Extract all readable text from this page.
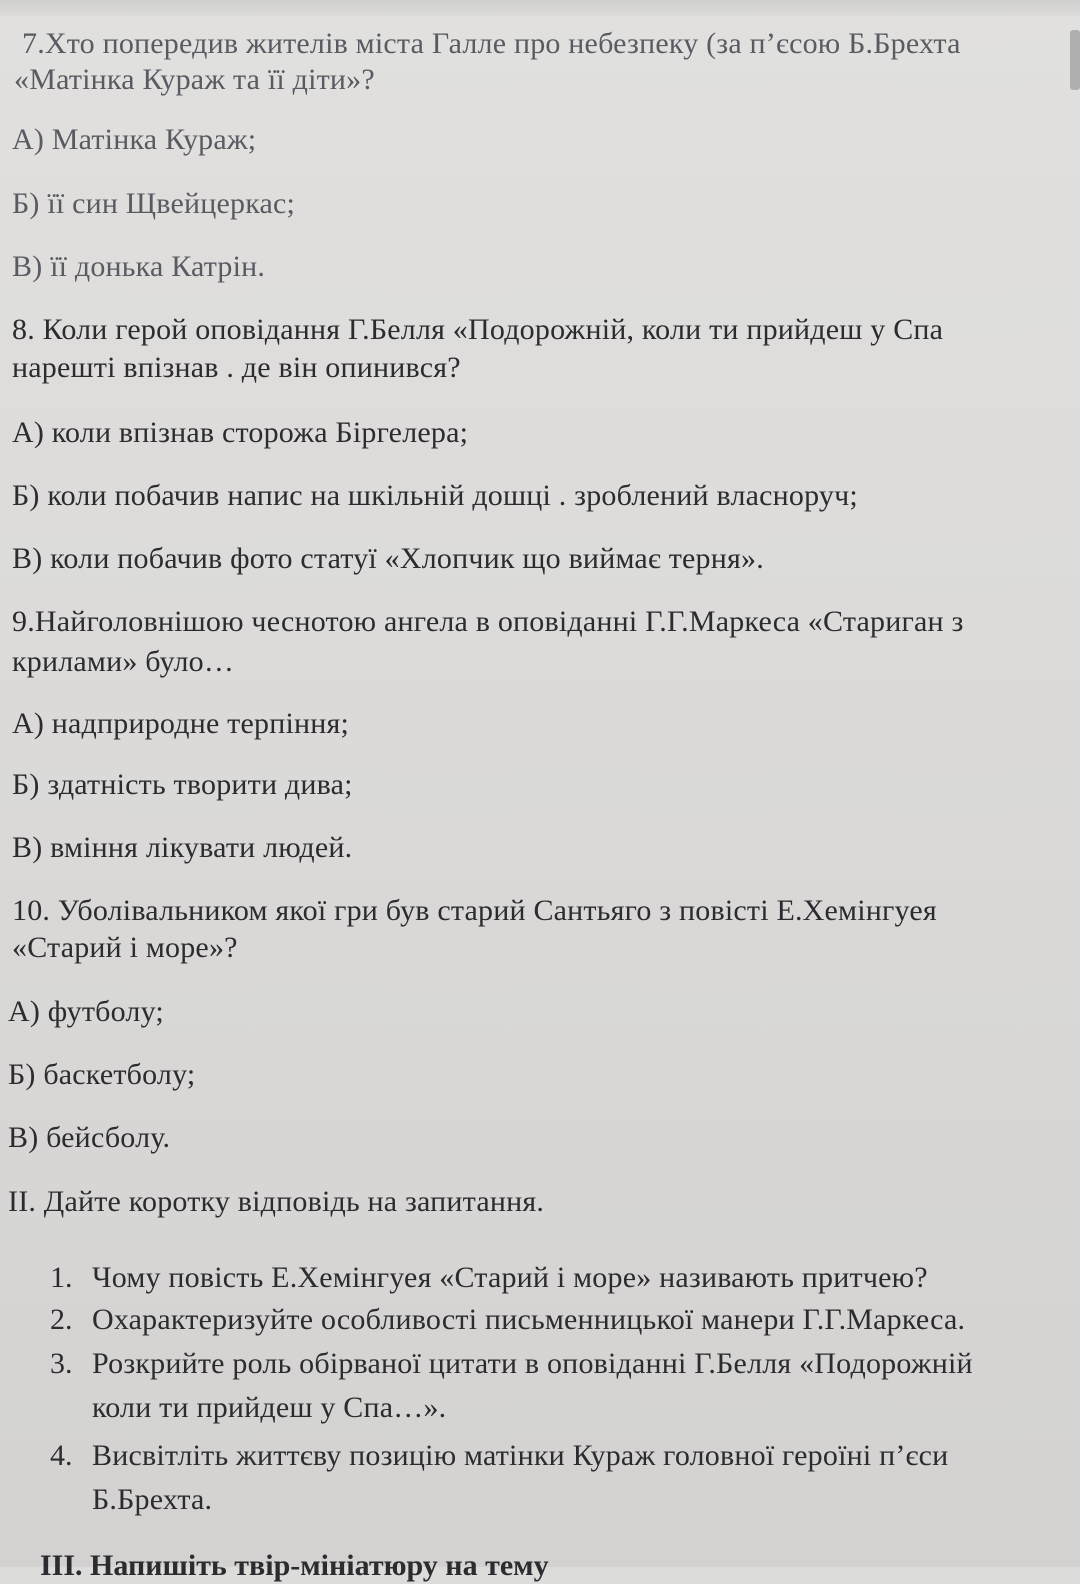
7.Хто попередив жителів міста Галле про небезпеку (за п’єсою Б.Брехта
«Матінка Кураж та її діти»?
А) Матінка Кураж;
Б) її син Щвейцеркас;
В) її донька Катрін.
8. Коли герой оповідання Г.Белля «Подорожній, коли ти прийдеш у Спа
нарешті впізнав . де він опинився?
А) коли впізнав сторожа Біргелера;
Б) коли побачив напис на шкільній дошці . зроблений власноруч;
В) коли побачив фото статуї «Хлопчик що виймає терня».
9.Найголовнішою чеснотою ангела в оповіданні Г.Г.Маркеса «Стариган з
крилами» було…
А) надприродне терпіння;
Б) здатність творити дива;
В) вміння лікувати людей.
10. Уболівальником якої гри був старий Сантьяго з повісті Е.Хемінгуея
«Старий і море»?
А) футболу;
Б) баскетболу;
В) бейсболу.
II. Дайте коротку відповідь на запитання.
1. Чому повість Е.Хемінгуея «Старий і море» називають притчею?
2. Охарактеризуйте особливості письменницької манери Г.Г.Маркеса.
3. Розкрийте роль обірваної цитати в оповіданні Г.Белля «Подорожній
коли ти прийдеш у Спа…».
4. Висвітліть життєву позицію матінки Кураж головної героїні п’єси
Б.Брехта.
ІІІ. Напишіть твір-мініатюру на тему
